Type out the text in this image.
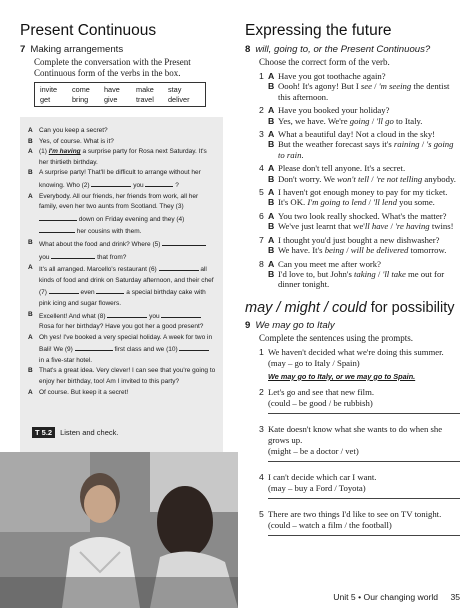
Present Continuous
7 Making arrangements

Complete the conversation with the Present Continuous form of the verbs in the box.

invite	come	have	make	stay
get	bring	give	travel	deliver
A Can you keep a secret?
B Yes, of course. What is it?
A (1) I'm having a surprise party for Rosa next Saturday. It's her thirtieth birthday.
B A surprise party! That'll be difficult to arrange without her knowing. Who (2)	you	?
A Everybody. All our friends, her friends from work, all her family, even her two aunts from Scotland. They (3)  down on Friday evening and they (4)  her cousins with them.
B What about the food and drink? Where (5)  you	that from?
A It's all arranged. Marcello's restaurant (6)	all kinds of food and drink on Saturday afternoon, and their chef (7)	even	a special birthday cake with pink icing and sugar flowers.
B Excellent! And what (8)	you  Rosa for her birthday? Have you got her a good present?
A Oh yes! I've booked a very special holiday. A week for two in Bali! We (9)	first class and we (10)  in a five-star hotel.
B That's a great idea. Very clever! I can see that you're going to enjoy her birthday, too! Am I invited to this party?
A Of course. But keep it a secret!
T 5.2 Listen and check.
Expressing the future
8 will, going to, or the Present Continuous?

Choose the correct form of the verb.

1 A Have you got toothache again?
B Oooh! It's agony! But I see / 'm seeing the dentist this afternoon.
2 A Have you booked your holiday?
B Yes, we have. We're going / 'll go to Italy.
3 A What a beautiful day! Not a cloud in the sky!
B But the weather forecast says it's raining / 's going to rain.
4 A Please don't tell anyone. It's a secret.
B Don't worry. We won't tell / 're not telling anybody.
5 A I haven't got enough money to pay for my ticket.
B It's OK. I'm going to lend / 'll lend you some.
6 A You two look really shocked. What's the matter?
B We've just learnt that we'll have / 're having twins!
7 A I thought you'd just bought a new dishwasher?
B We have. It's being / will be delivered tomorrow.
8 A Can you meet me after work?
B I'd love to, but John's taking / 'll take me out for dinner tonight.
may / might / could for possibility
9 We may go to Italy

Complete the sentences using the prompts.

1 We haven't decided what we're doing this summer.
(may – go to Italy / Spain)
We may go to Italy, or we may go to Spain.
2 Let's go and see that new film.
(could – be good / be rubbish)
3 Kate doesn't know what she wants to do when she grows up.
(might – be a doctor / vet)
4 I can't decide which car I want.
(may – buy a Ford / Toyota)
5 There are two things I'd like to see on TV tonight.
(could – watch a film / the football)
Unit 5 • Our changing world 35
